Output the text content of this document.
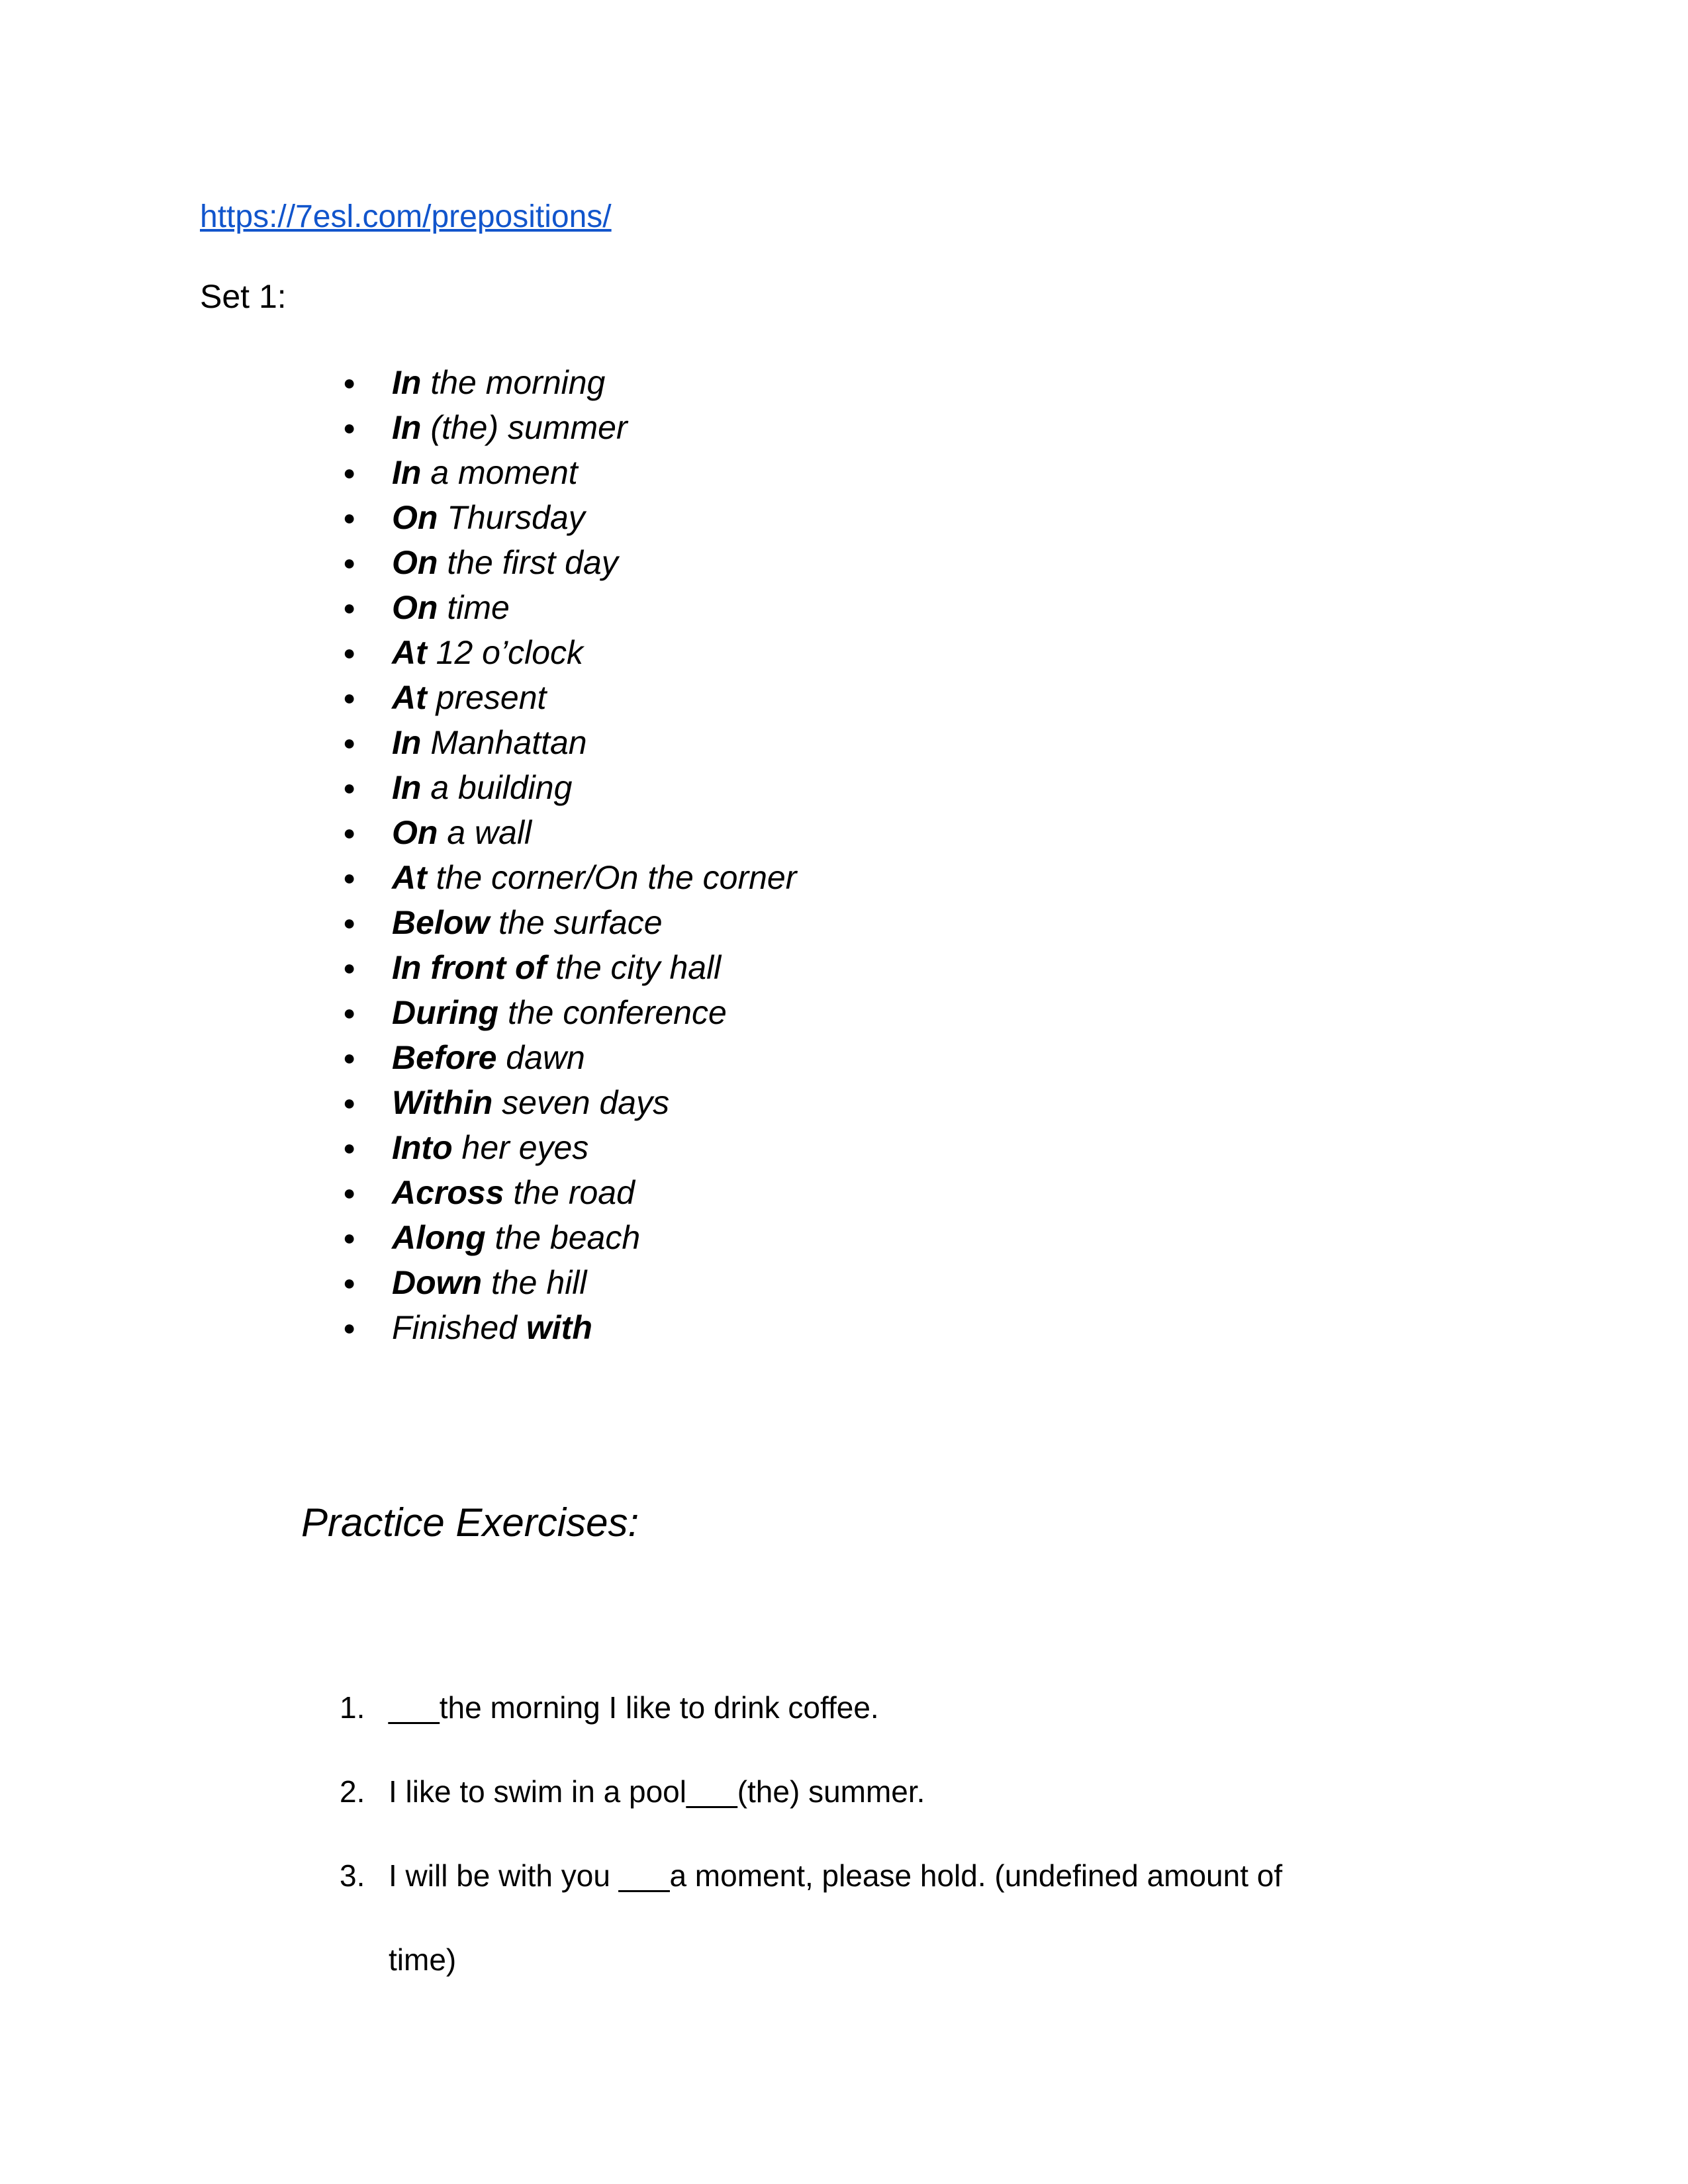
https://7esl.com/prepositions/
Set 1:
● In the morning
● In (the) summer
● In a moment
● On Thursday
● On the first day
● On time
● At 12 o’clock
● At present
● In Manhattan
● In a building
● On a wall
● At the corner/On the corner
● Below the surface
● In front of the city hall
● During the conference
● Before dawn
● Within seven days
● Into her eyes
● Across the road
● Along the beach
● Down the hill
● Finished with
Practice Exercises:
1. ___the morning I like to drink coffee.
2. I like to swim in a pool___(the) summer.
3. I will be with you ___a moment, please hold. (undefined amount of
time)
